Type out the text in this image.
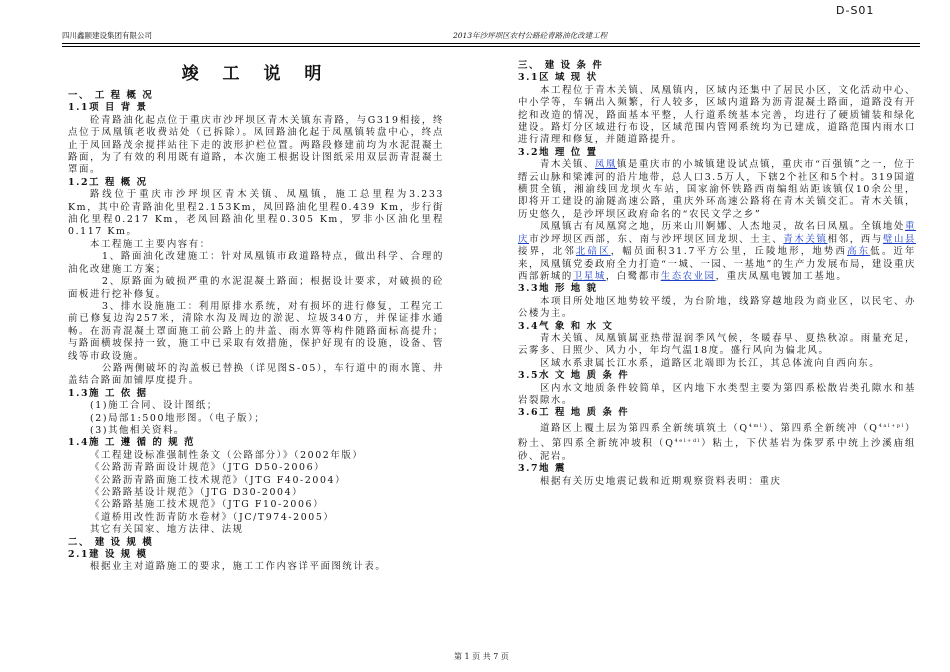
D-S01
四川鑫颐建设集团有限公司	2013年沙坪坝区农村公路砼青路油化改建工程
竣 工 说 明

一、 工 程 概 况

1.1项 目 背 景

砼青路油化起点位于重庆市沙坪坝区青木关镇东青路，与G319相接，终点位于凤凰镇老收费站处（已拆除）。凤回路油化起于凤凰镇转盘中心，终点止于凤回路茂余搅拌站往下走的波形护栏位置。两路段修建前均为水泥混凝土路面，为了有效的利用既有道路，本次施工根据设计图纸采用双层沥青混凝土罩面。

1.2工 程 概 况

路线位于重庆市沙坪坝区青木关镇、凤凰镇，施工总里程为3.233 Km，其中砼青路油化里程2.153Km，凤回路油化里程0.439 Km，步行街油化里程0.217 Km，老凤回路油化里程0.305 Km，罗非小区油化里程0.117 Km。

本工程施工主要内容有：

1、路面油化改建施工：针对凤凰镇市政道路特点，做出科学、合理的油化改建施工方案；

2、原路面为破损严重的水泥混凝土路面；根据设计要求，对破损的砼面板进行挖补修复。

3、排水设施施工：利用原排水系统，对有损坏的进行修复，工程完工前已修复边沟257米，清除水沟及周边的淤泥、垃圾340方，并保证排水通畅。在沥青混凝土罩面施工前公路上的井盖、雨水箅等构件随路面标高提升；与路面横坡保持一致，施工中已采取有效措施，保护好现有的设施，设备、管线等市政设施。

公路两侧破坏的沟盖板已替换（详见图S-05），车行道中的雨水篦、井盖结合路面加铺厚度提升。

1.3施 工 依 据

(1)施工合同、设计图纸；

(2)局部1:500地形图。（电子版）；

(3)其他相关资料。

1.4施 工 遵 循 的 规 范

《工程建设标准强制性条文（公路部分）》（2002年版）

《公路沥青路面设计规范》（JTG D50-2006）

《公路沥青路面施工技术规范》（JTG F40-2004）

《公路路基设计规范》（JTG D30-2004）

《公路路基施工技术规范》（JTG F10-2006）

《道桥用改性沥青防水卷材》（JC/T974-2005）

其它有关国家、地方法律、法规

二、 建 设 规 模

2.1建 设 规 模

根据业主对道路施工的要求，施工工作内容详平面图统计表。

三、 建 设 条 件

3.1区 域 现 状

本工程位于青木关镇、凤凰镇内，区域内还集中了居民小区，文化活动中心、中小学等，车辆出入频繁，行人较多，区域内道路为沥青混凝土路面，道路没有开挖和改造的情况，路面基本平整，人行道系统基本完善，均进行了硬质铺装和绿化建设。路灯分区域进行布设，区域范围内管网系统均为已建成，道路范围内雨水口进行清理和修复，并随道路提升。

3.2地 理 位 置

青木关镇、凤凰镇是重庆市的小城镇建设试点镇，重庆市“百强镇”之一，位于缙云山脉和梁滩河的沿片地带，总人口3.5万人，下辖2个社区和5个村。319国道横贯全镇，湘渝线回龙坝火车站，国家渝怀铁路西南编组站距该镇仅10余公里，即将开工建设的渝隧高速公路，重庆外环高速公路将在青木关镇交汇。青木关镇，历史悠久，是沙坪坝区政府命名的“农民文学之乡”

凤凰镇古有凤凰窝之地，历来山川婀娜、人杰地灵，故名曰凤凰。全镇地处重庆市沙坪坝区西部，东、南与沙坪坝区回龙坝、土主、青木关镇相邻，西与璧山县接界，北邻北碚区，幅员面积31.7平方公里，丘陵地形，地势西高东低。近年来，凤凰镇党委政府全力打造“一城、一园、一基地”的生产力发展布局，建设重庆西部新城的卫星城，白鹭都市生态农业园，重庆凤凰电镀加工基地。

3.3地 形 地 貌

本项目所处地区地势较平缓，为台阶地，线路穿越地段为商业区，以民宅、办公楼为主。

3.4气 象 和 水 文

青木关镇、凤凰镇属亚热带湿润季风气候，冬暖春早、夏热秋凉。雨量充足，云雾多、日照少、风力小，年均气温18度。盛行风向为偏北风。

区域水系隶属长江水系，道路区北端即为长江，其总体流向自西向东。

3.5水 文 地 质 条 件

区内水文地质条件较简单，区内地下水类型主要为第四系松散岩类孔隙水和基岩裂隙水。

3.6工 程 地 质 条 件

道路区上覆土层为第四系全新统填筑土$(Q^{4ml})$、第四系全新统冲$(Q^{4al+pl})$粉土、第四系全新统冲坡积$(Q^{4el+dl})$粘土，下伏基岩为侏罗系中统上沙溪庙组砂、泥岩。

3.7地 震

根据有关历史地震记载和近期观察资料表明：重庆

第 1 页 共 7 页
